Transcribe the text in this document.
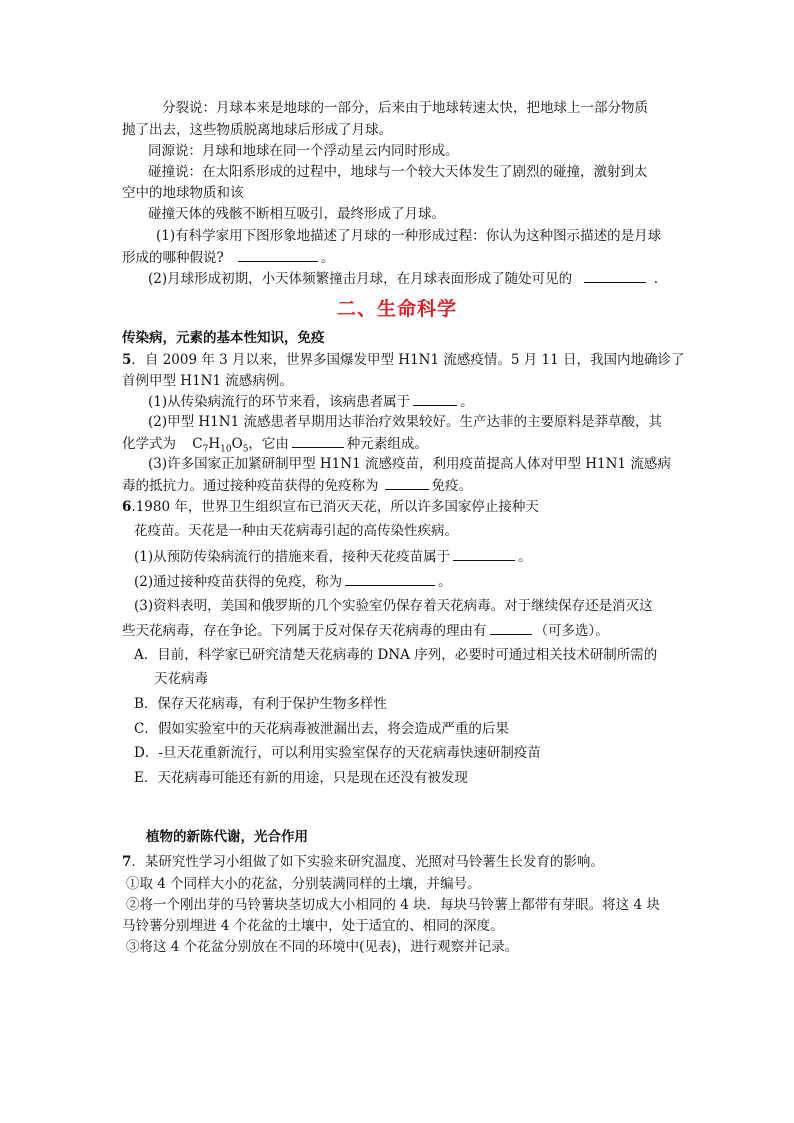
分裂说：月球本来是地球的一部分，后来由于地球转速太快，把地球上一部分物质
抛了出去，这些物质脱离地球后形成了月球。
同源说：月球和地球在同一个浮动星云内同时形成。
碰撞说：在太阳系形成的过程中，地球与一个较大天体发生了剧烈的碰撞，激射到太
空中的地球物质和该
碰撞天体的残骸不断相互吸引，最终形成了月球。
(1)有科学家用下图形象地描述了月球的一种形成过程：你认为这种图示描述的是月球
形成的哪种假说?	。
(2)月球形成初期，小天体频繁撞击月球，在月球表面形成了随处可见的	.
二、生命科学
传染病，元素的基本性知识，免疫
5．自 2009 年 3 月以来，世界多国爆发甲型 H1N1 流感疫情。5 月 11 日，我国内地确诊了
首例甲型 H1N1 流感病例。
(1)从传染病流行的环节来看，该病患者属于	。
(2)甲型 H1N1 流感患者早期用达菲治疗效果较好。生产达菲的主要原料是莽草酸，其
化学式为 $C_7H_{10}O_5$，它由	种元素组成。
(3)许多国家正加紧研制甲型 H1N1 流感疫苗，利用疫苗提高人体对甲型 H1N1 流感病
毒的抵抗力。通过接种疫苗获得的免疫称为	免疫。
6.1980 年，世界卫生组织宣布已消灭天花，所以许多国家停止接种天
花疫苗。天花是一种由天花病毒引起的高传染性疾病。
(1)从预防传染病流行的措施来看，接种天花疫苗属于	。
(2)通过接种疫苗获得的免疫，称为	。
(3)资料表明，美国和俄罗斯的几个实验室仍保存着天花病毒。对于继续保存还是消灭这
些天花病毒，存在争论。下列属于反对保存天花病毒的理由有	（可多选）。
A．目前，科学家已研究清楚天花病毒的 DNA 序列，必要时可通过相关技术研制所需的
天花病毒
B．保存天花病毒，有利于保护生物多样性
C．假如实验室中的天花病毒被泄漏出去，将会造成严重的后果
D．-旦天花重新流行，可以利用实验室保存的天花病毒快速研制疫苗
E．天花病毒可能还有新的用途，只是现在还没有被发现
植物的新陈代谢，光合作用
7．某研究性学习小组做了如下实验来研究温度、光照对马铃薯生长发育的影响。
①取 4 个同样大小的花盆，分别装满同样的土壤，并编号。
②将一个刚出芽的马铃薯块茎切成大小相同的 4 块．每块马铃薯上都带有芽眼。将这 4 块
马铃薯分别埋进 4 个花盆的土壤中，处于适宜的、相同的深度。
③将这 4 个花盆分别放在不同的环境中(见表)，进行观察并记录。
